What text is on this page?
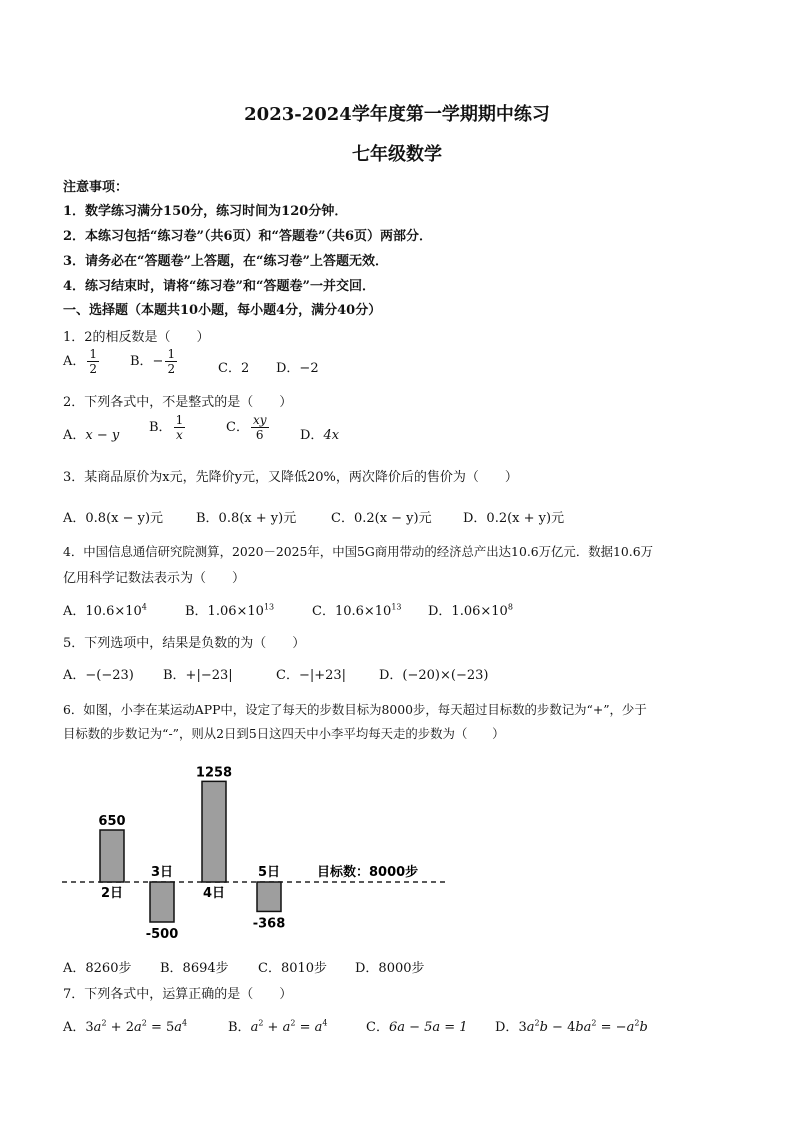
2023-2024学年度第一学期期中练习
七年级数学
注意事项：
1．数学练习满分150分，练习时间为120分钟．
2．本练习包括“练习卷”（共6页）和“答题卷”（共6页）两部分．
3．请务必在“答题卷”上答题，在“练习卷”上答题无效．
4．练习结束时，请将“练习卷”和“答题卷”一并交回．
一、选择题（本题共10小题，每小题4分，满分40分）
1．2的相反数是（　　）
A． $\frac{1}{2}$ B．− $\frac{1}{2}$	C．2 D．−2
2．下列各式中，不是整式的是（　　）
A．x − y
B． $\frac{1}{x}$	C． $\frac{xy}{6}$ D．4x
3．某商品原价为x元，先降价y元，又降低20%，两次降价后的售价为（　　）
A．0.8(x − y)元	B．0.8(x + y)元	C．0.2(x − y)元 D．0.2(x + y)元
4．中国信息通信研究院测算，2020－2025年，中国5G商用带动的经济总产出达10.6万亿元．数据10.6万
亿用科学记数法表示为（　　）
A．$10.6\times 10^4$	B．$1.06\times 10^{13}$	C．$10.6\times 10^{13}$ D．$1.06\times 10^8$
5．下列选项中，结果是负数的为（　　）
A．−(−23) B．+|−23|	C．−|+23|	D．(−20)×(−23)
6．如图，小李在某运动APP中，设定了每天的步数目标为8000步，每天超过目标数的步数记为“+”，少于
目标数的步数记为“-”，则从2日到5日这四天中小李平均每天走的步数为（　　）
目标数：8000步
650
2日
-500
3日
1258
4日
-368
5日
A．8260步 B．8694步 C．8010步 D．8000步
7．下列各式中，运算正确的是（　　）
A．$3a^2 + 2a^2 = 5a^4$	B．$a^2 + a^2 = a^4$	C．6a − 5a = 1 D．$3a^2b - 4ba^2 = -a^2b$
